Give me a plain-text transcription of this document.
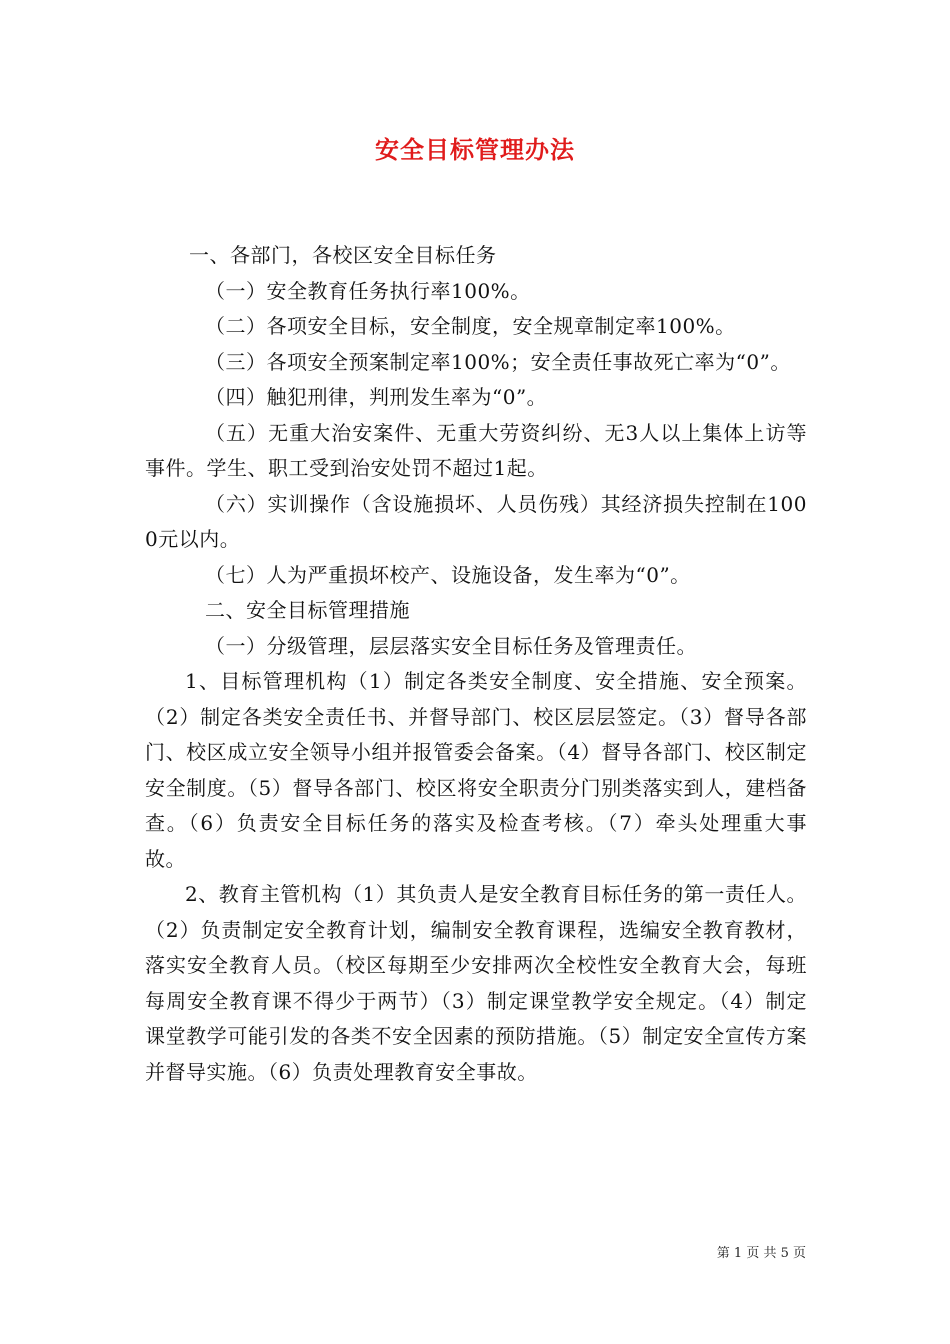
安全目标管理办法

一、各部门，各校区安全目标任务

（一）安全教育任务执行率100%。

（二）各项安全目标，安全制度，安全规章制定率100%。

（三）各项安全预案制定率100%；安全责任事故死亡率为“0”。

（四）触犯刑律，判刑发生率为“0”。

（五）无重大治安案件、无重大劳资纠纷、无3人以上集体上访等事件。学生、职工受到治安处罚不超过1起。

（六）实训操作（含设施损坏、人员伤残）其经济损失控制在1000元以内。

（七）人为严重损坏校产、设施设备，发生率为“0”。

二、安全目标管理措施

（一）分级管理，层层落实安全目标任务及管理责任。

1、目标管理机构（1）制定各类安全制度、安全措施、安全预案。（2）制定各类安全责任书、并督导部门、校区层层签定。（3）督导各部门、校区成立安全领导小组并报管委会备案。（4）督导各部门、校区制定安全制度。（5）督导各部门、校区将安全职责分门别类落实到人，建档备查。（6）负责安全目标任务的落实及检查考核。（7）牵头处理重大事故。

2、教育主管机构（1）其负责人是安全教育目标任务的第一责任人。（2）负责制定安全教育计划，编制安全教育课程，选编安全教育教材，落实安全教育人员。（校区每期至少安排两次全校性安全教育大会，每班每周安全教育课不得少于两节）（3）制定课堂教学安全规定。（4）制定课堂教学可能引发的各类不安全因素的预防措施。（5）制定安全宣传方案并督导实施。（6）负责处理教育安全事故。

第 1 页 共 5 页
